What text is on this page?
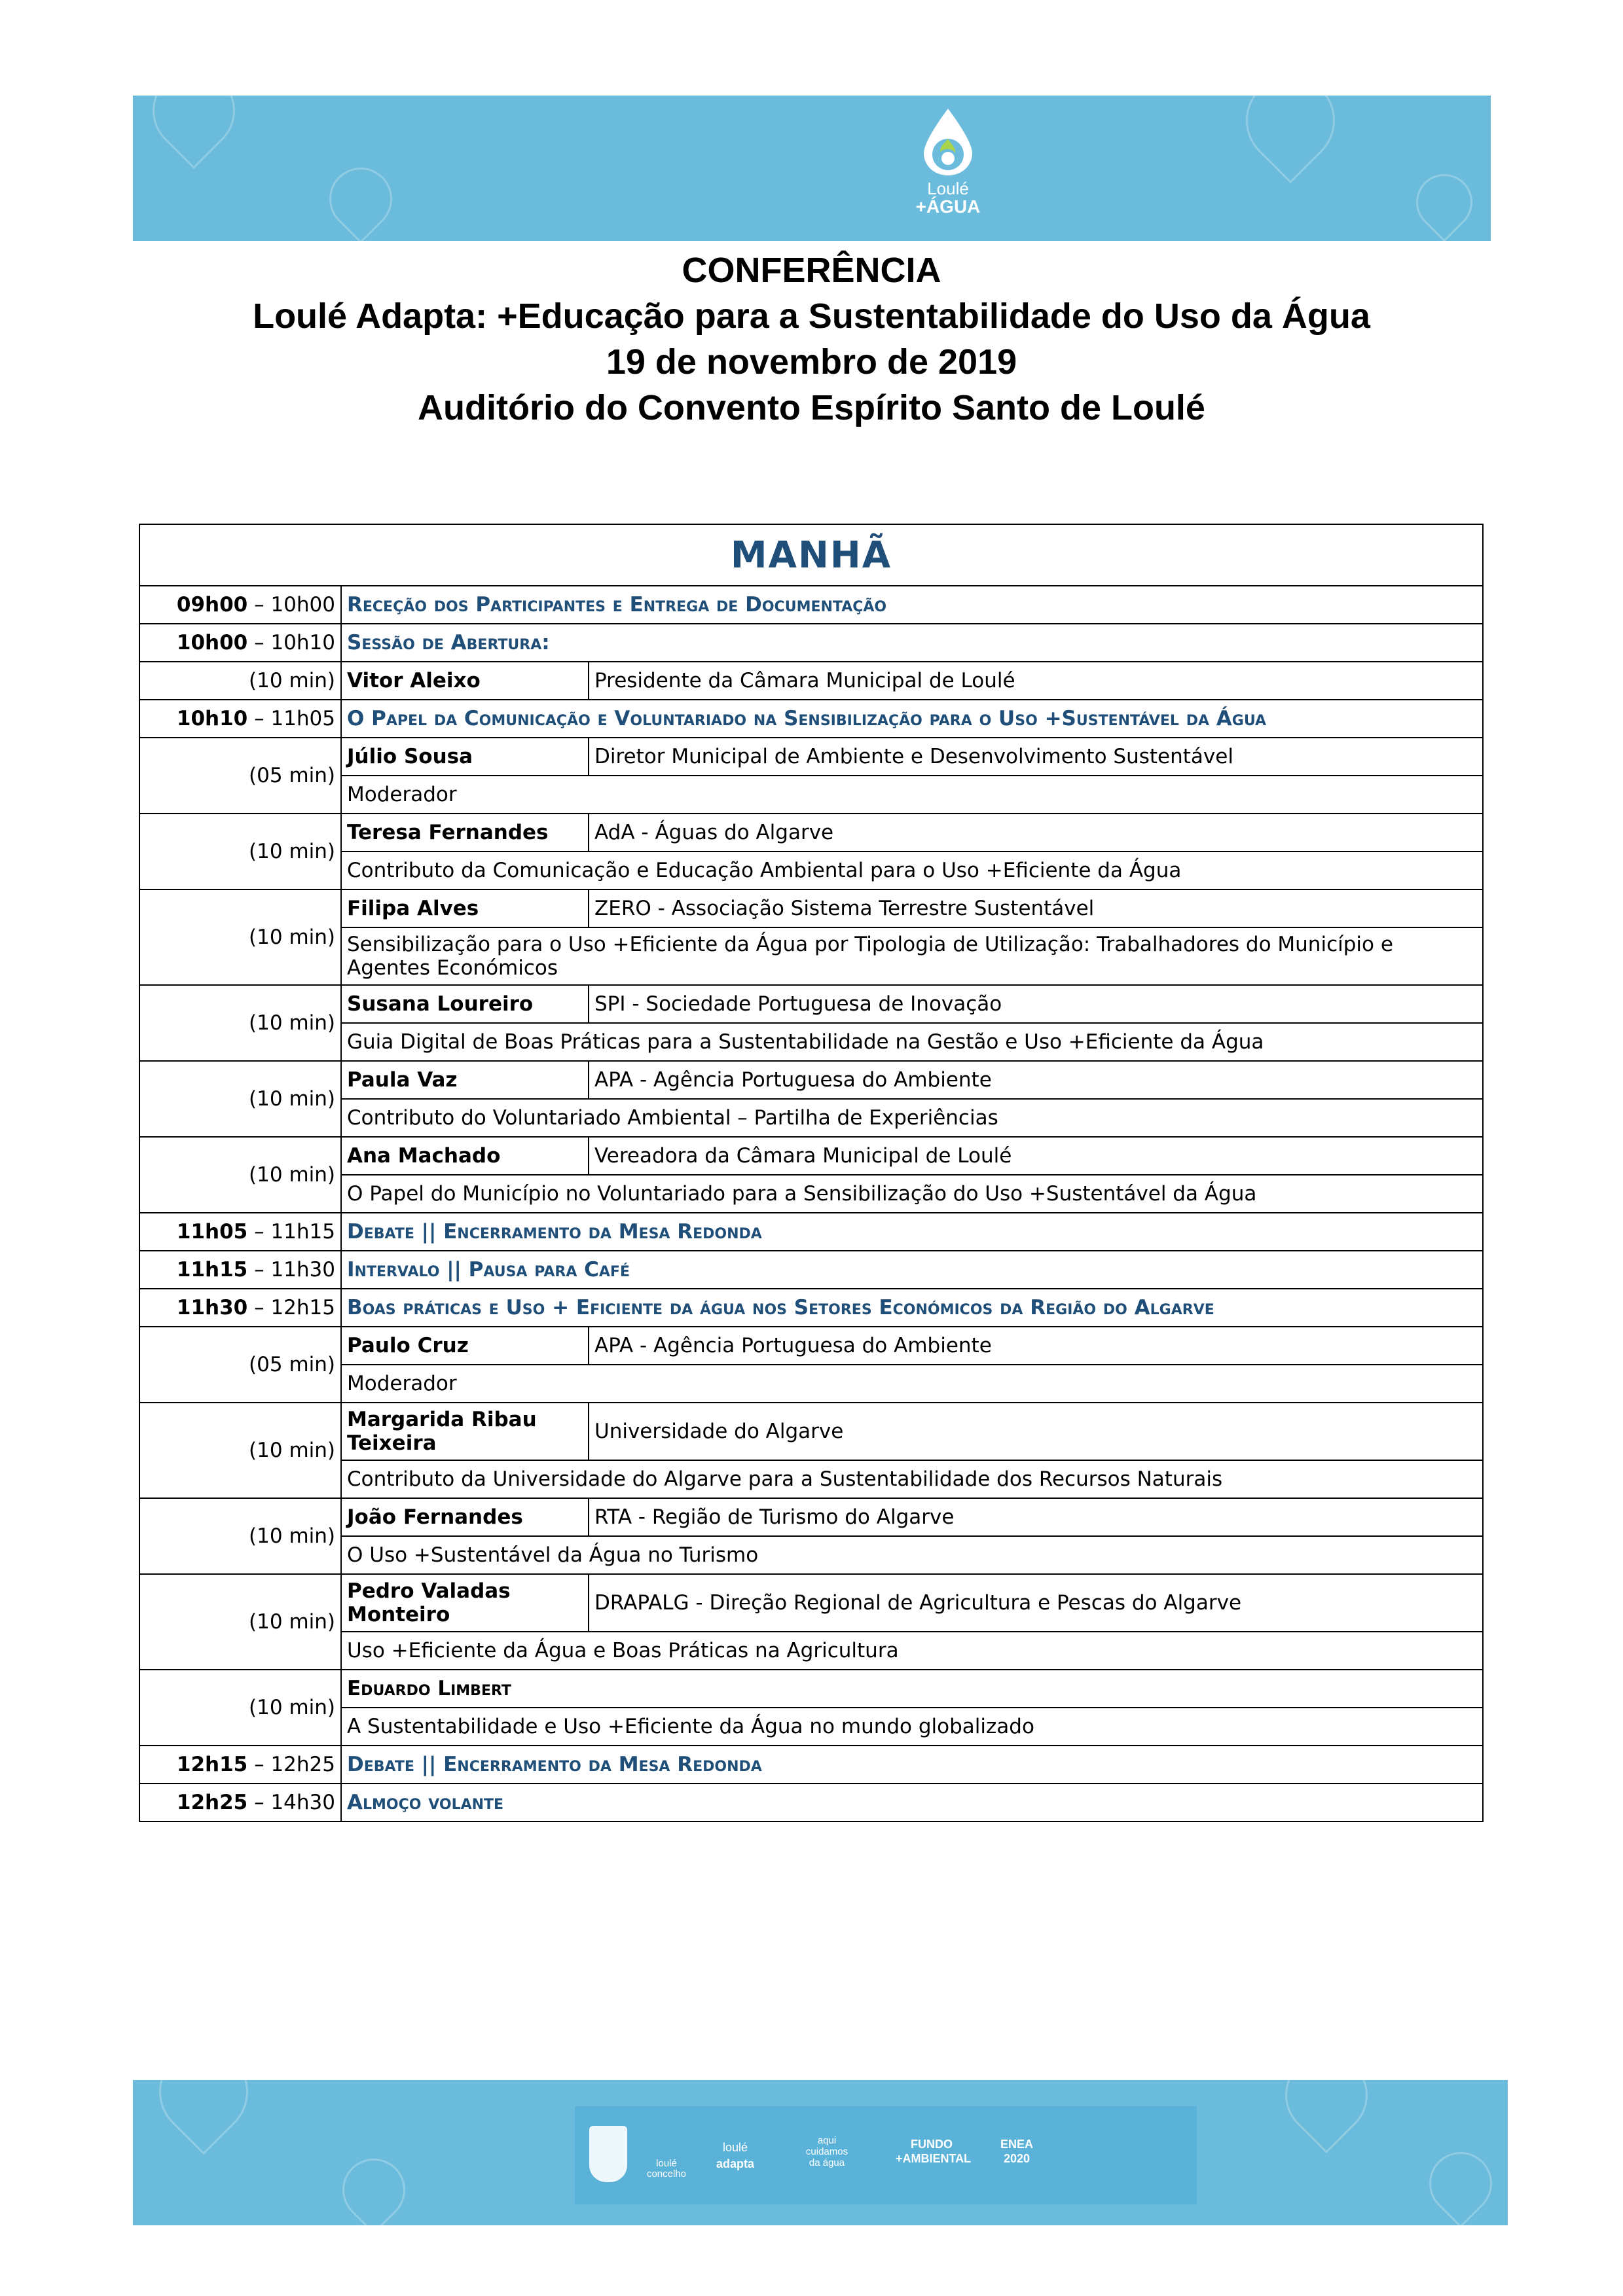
Loulé
+ÁGUA
CONFERÊNCIA
Loulé Adapta: +Educação para a Sustentabilidade do Uso da Água
19 de novembro de 2019
Auditório do Convento Espírito Santo de Loulé
MANHÃ		
09h00 – 10h00	Receção dos Participantes e Entrega de Documentação	
10h00 – 10h10	Sessão de Abertura:	
(10 min)	Vitor Aleixo	Presidente da Câmara Municipal de Loulé
10h10 – 11h05	O Papel da Comunicação e Voluntariado na Sensibilização para o Uso +Sustentável da Água	
(05 min)	Júlio Sousa	Diretor Municipal de Ambiente e Desenvolvimento Sustentável
	Moderador	
(10 min)	Teresa Fernandes	AdA - Águas do Algarve
	Contributo da Comunicação e Educação Ambiental para o Uso +Eficiente da Água	
(10 min)	Filipa Alves	ZERO - Associação Sistema Terrestre Sustentável
	Sensibilização para o Uso +Eficiente da Água por Tipologia de Utilização: Trabalhadores do Município e Agentes Económicos	
(10 min)	Susana Loureiro	SPI - Sociedade Portuguesa de Inovação
	Guia Digital de Boas Práticas para a Sustentabilidade na Gestão e Uso +Eficiente da Água	
(10 min)	Paula Vaz	APA - Agência Portuguesa do Ambiente
	Contributo do Voluntariado Ambiental – Partilha de Experiências	
(10 min)	Ana Machado	Vereadora da Câmara Municipal de Loulé
	O Papel do Município no Voluntariado para a Sensibilização do Uso +Sustentável da Água	
11h05 – 11h15	Debate || Encerramento da Mesa Redonda	
11h15 – 11h30	Intervalo || Pausa para Café	
11h30 – 12h15	Boas práticas e Uso + Eficiente da água nos Setores Económicos da Região do Algarve	
(05 min)	Paulo Cruz	APA - Agência Portuguesa do Ambiente
	Moderador	
(10 min)	Margarida Ribau Teixeira	Universidade do Algarve
	Contributo da Universidade do Algarve para a Sustentabilidade dos Recursos Naturais	
(10 min)	João Fernandes	RTA - Região de Turismo do Algarve
	O Uso +Sustentável da Água no Turismo	
(10 min)	Pedro Valadas Monteiro	DRAPALG - Direção Regional de Agricultura e Pescas do Algarve
	Uso +Eficiente da Água e Boas Práticas na Agricultura	
(10 min)	Eduardo Limbert	
	A Sustentabilidade e Uso +Eficiente da Água no mundo globalizado	
12h15 – 12h25	Debate || Encerramento da Mesa Redonda	
12h25 – 14h30	Almoço volante	
loulé concelho
loulé
adapta
aqui
cuidamos
da água
FUNDO
+AMBIENTAL
ENEA
2020
